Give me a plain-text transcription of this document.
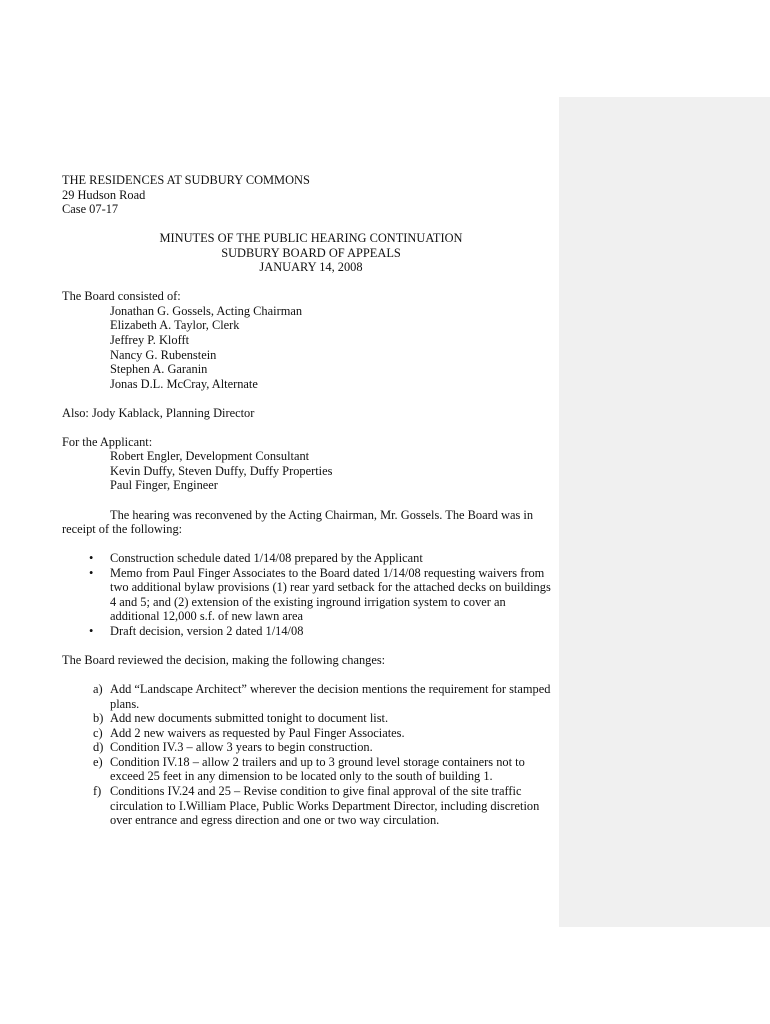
THE RESIDENCES AT SUDBURY COMMONS
29 Hudson Road
Case 07-17
MINUTES OF THE PUBLIC HEARING CONTINUATION
SUDBURY BOARD OF APPEALS
JANUARY 14, 2008
The Board consisted of:
Jonathan G. Gossels, Acting Chairman
Elizabeth A. Taylor, Clerk
Jeffrey P. Klofft
Nancy G. Rubenstein
Stephen A. Garanin
Jonas D.L. McCray, Alternate
Also: Jody Kablack, Planning Director
For the Applicant:
Robert Engler, Development Consultant
Kevin Duffy, Steven Duffy, Duffy Properties
Paul Finger, Engineer
The hearing was reconvened by the Acting Chairman, Mr. Gossels. The Board was in
receipt of the following:
• Construction schedule dated 1/14/08 prepared by the Applicant
• Memo from Paul Finger Associates to the Board dated 1/14/08 requesting waivers from
two additional bylaw provisions (1) rear yard setback for the attached decks on buildings
4 and 5; and (2) extension of the existing inground irrigation system to cover an
additional 12,000 s.f. of new lawn area
• Draft decision, version 2 dated 1/14/08
The Board reviewed the decision, making the following changes:
a) Add “Landscape Architect” wherever the decision mentions the requirement for stamped
plans.
b) Add new documents submitted tonight to document list.
c) Add 2 new waivers as requested by Paul Finger Associates.
d) Condition IV.3 – allow 3 years to begin construction.
e) Condition IV.18 – allow 2 trailers and up to 3 ground level storage containers not to
exceed 25 feet in any dimension to be located only to the south of building 1.
f) Conditions IV.24 and 25 – Revise condition to give final approval of the site traffic
circulation to I.William Place, Public Works Department Director, including discretion
over entrance and egress direction and one or two way circulation.
